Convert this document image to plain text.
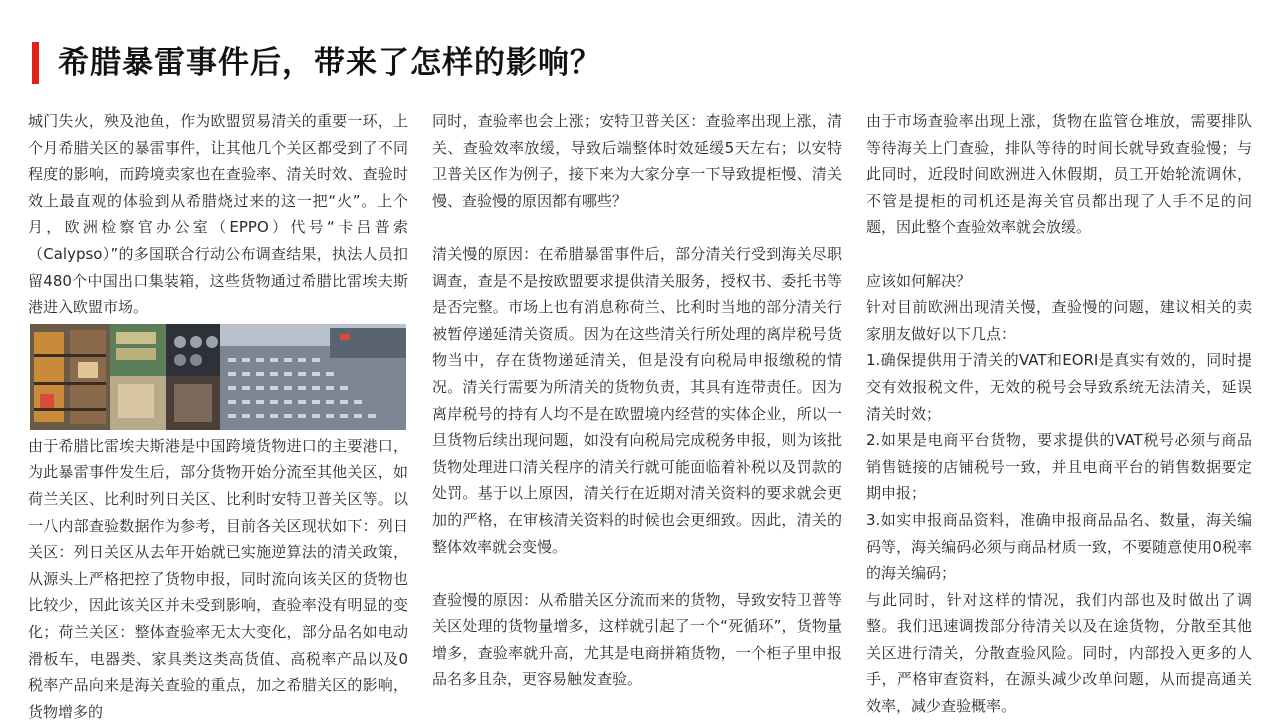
希腊暴雷事件后，带来了怎样的影响？

城门失火，殃及池鱼，作为欧盟贸易清关的重要一环，上个月希腊关区的暴雷事件，让其他几个关区都受到了不同程度的影响，而跨境卖家也在查验率、清关时效、查验时效上最直观的体验到从希腊烧过来的这一把“火”。上个月，欧洲检察官办公室（EPPO）代号“卡吕普索（Calypso）”的多国联合行动公布调查结果，执法人员扣留480个中国出口集装箱，这些货物通过希腊比雷埃夫斯港进入欧盟市场。

由于希腊比雷埃夫斯港是中国跨境货物进口的主要港口，为此暴雷事件发生后，部分货物开始分流至其他关区，如荷兰关区、比利时列日关区、比利时安特卫普关区等。以一八内部查验数据作为参考，目前各关区现状如下：列日关区：列日关区从去年开始就已实施逆算法的清关政策，从源头上严格把控了货物申报，同时流向该关区的货物也比较少，因此该关区并未受到影响，查验率没有明显的变化；荷兰关区：整体查验率无太大变化，部分品名如电动滑板车，电器类、家具类这类高货值、高税率产品以及0税率产品向来是海关查验的重点，加之希腊关区的影响，货物增多的

同时，查验率也会上涨；安特卫普关区：查验率出现上涨，清关、查验效率放缓，导致后端整体时效延缓5天左右；以安特卫普关区作为例子，接下来为大家分享一下导致提柜慢、清关慢、查验慢的原因都有哪些？

清关慢的原因：在希腊暴雷事件后，部分清关行受到海关尽职调查，查是不是按欧盟要求提供清关服务，授权书、委托书等是否完整。市场上也有消息称荷兰、比利时当地的部分清关行被暂停递延清关资质。因为在这些清关行所处理的离岸税号货物当中，存在货物递延清关，但是没有向税局申报缴税的情况。清关行需要为所清关的货物负责，其具有连带责任。因为离岸税号的持有人均不是在欧盟境内经营的实体企业，所以一旦货物后续出现问题，如没有向税局完成税务申报，则为该批货物处理进口清关程序的清关行就可能面临着补税以及罚款的处罚。基于以上原因，清关行在近期对清关资料的要求就会更加的严格，在审核清关资料的时候也会更细致。因此，清关的整体效率就会变慢。

查验慢的原因：从希腊关区分流而来的货物，导致安特卫普等关区处理的货物量增多，这样就引起了一个“死循环”，货物量增多，查验率就升高，尤其是电商拼箱货物，一个柜子里申报品名多且杂，更容易触发查验。

由于市场查验率出现上涨，货物在监管仓堆放，需要排队等待海关上门查验，排队等待的时间长就导致查验慢；与此同时，近段时间欧洲进入休假期，员工开始轮流调休，不管是提柜的司机还是海关官员都出现了人手不足的问题，因此整个查验效率就会放缓。

应该如何解决？

针对目前欧洲出现清关慢，查验慢的问题，建议相关的卖家朋友做好以下几点：

1.确保提供用于清关的VAT和EORI是真实有效的，同时提交有效报税文件，无效的税号会导致系统无法清关，延误清关时效；

2.如果是电商平台货物，要求提供的VAT税号必须与商品销售链接的店铺税号一致，并且电商平台的销售数据要定期申报；

3.如实申报商品资料，准确申报商品品名、数量，海关编码等，海关编码必须与商品材质一致，不要随意使用0税率的海关编码；

与此同时，针对这样的情况，我们内部也及时做出了调整。我们迅速调拨部分待清关以及在途货物，分散至其他关区进行清关，分散查验风险。同时，内部投入更多的人手，严格审查资料，在源头减少改单问题，从而提高通关效率，减少查验概率。
